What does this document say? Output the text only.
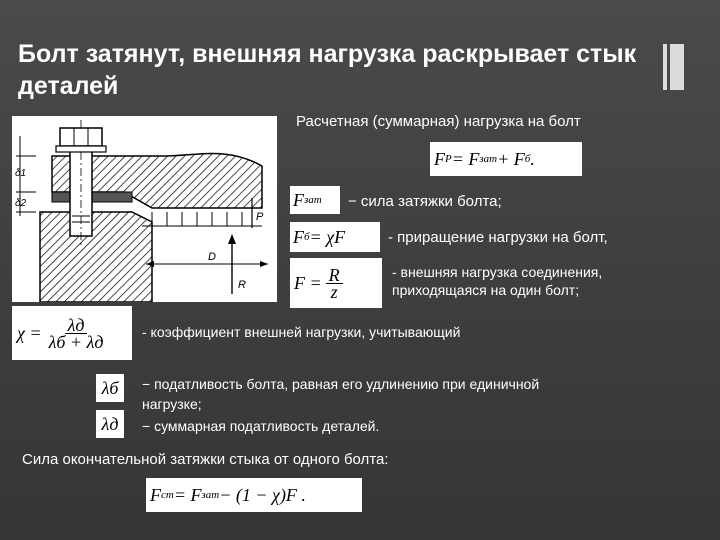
Болт затянут, внешняя нагрузка раскрывает стык деталей
δ1
δ2
D
P
R

Расчетная (суммарная) нагрузка на болт

F P = F зат + F б .
F зат − сила затяжки болта;

F б = χF	- приращение нагрузки на болт,

$F = \frac{R}{z}$	- внешняя нагрузка соединения,

приходящаяся на один болт;

$\chi = \frac{\lambda д}{\lambda б + \lambda д}$	- коэффициент внешней нагрузки, учитывающий

λб − податливость болта, равная его удлинению при единичной

нагрузке;

λд − суммарная податливость деталей.

Сила окончательной затяжки стыка от одного болта:

F ст = F зат − (1 − χ)F .
